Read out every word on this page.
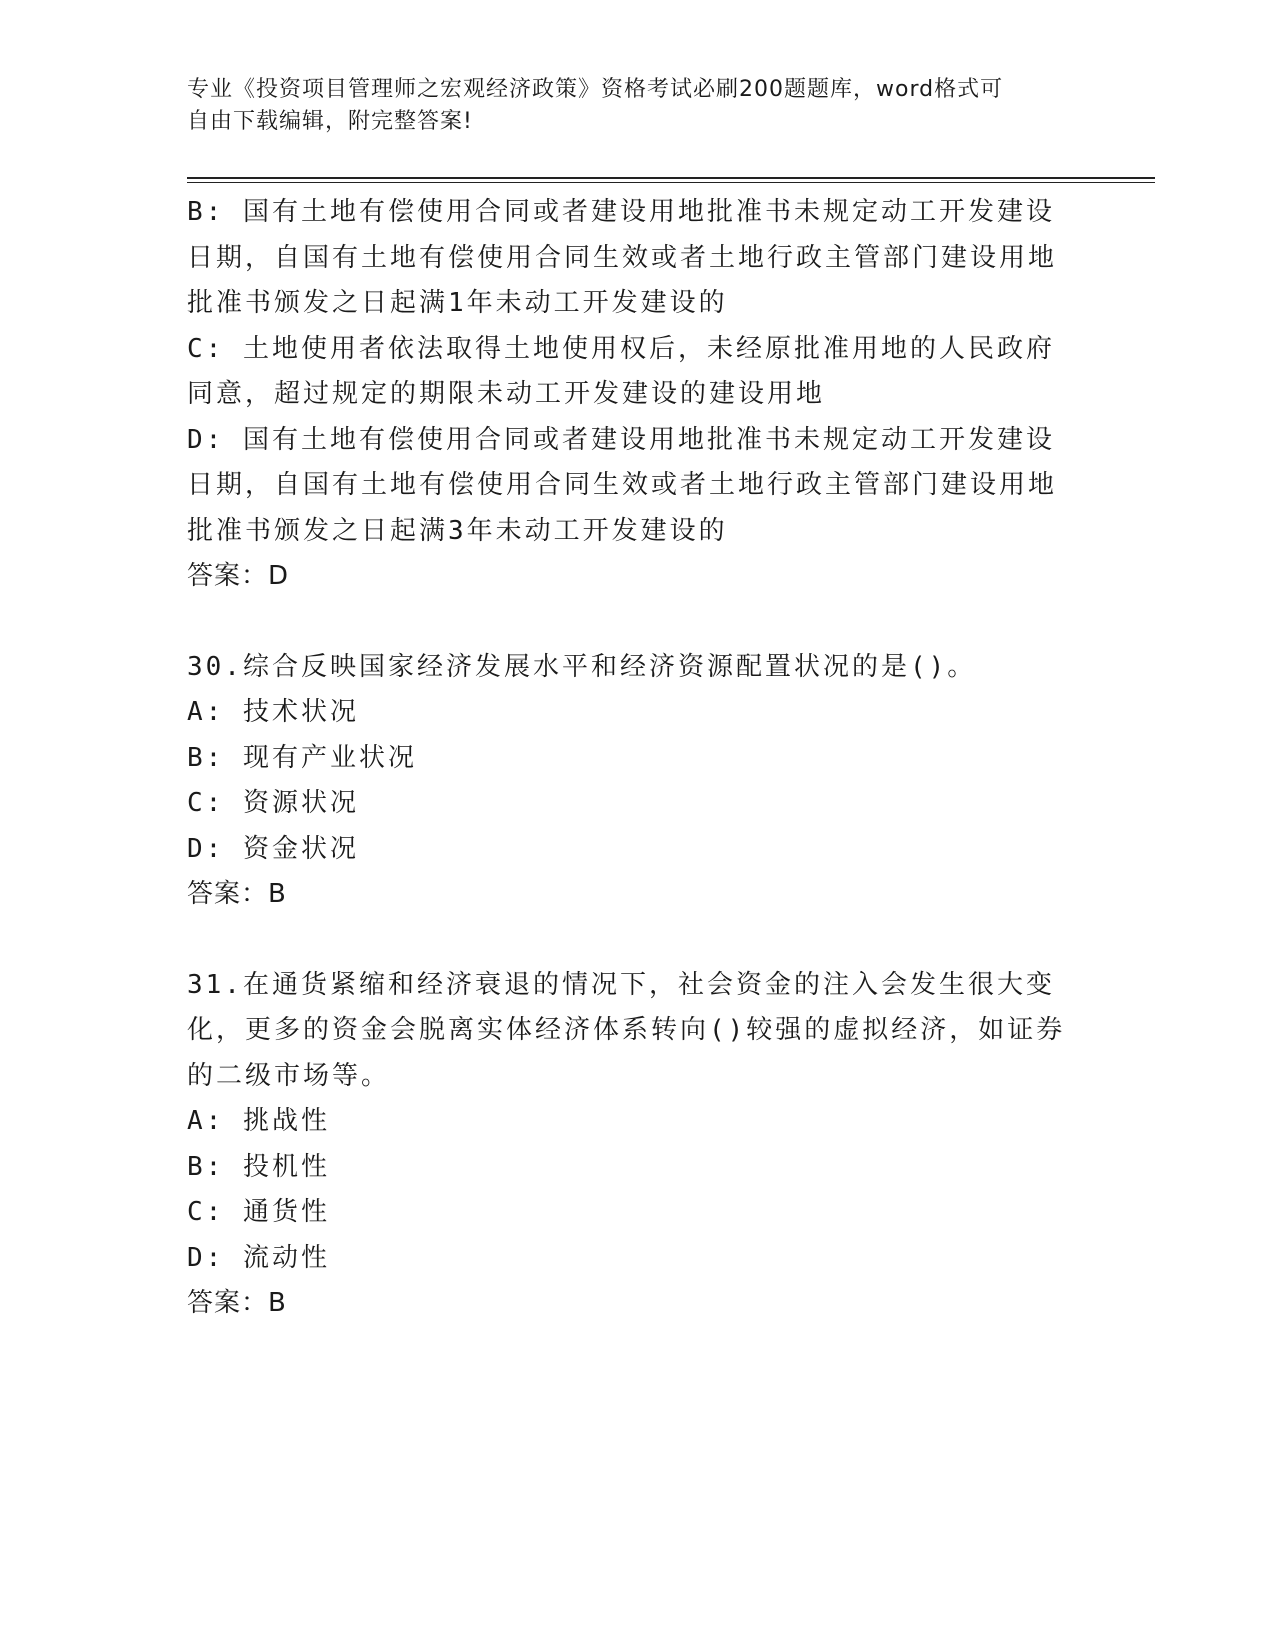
专业《投资项目管理师之宏观经济政策》资格考试必刷200题题库，word格式可
自由下载编辑，附完整答案!
B: 国有土地有偿使用合同或者建设用地批准书未规定动工开发建设日期，自国有土地有偿使用合同生效或者土地行政主管部门建设用地批准书颁发之日起满1年未动工开发建设的
C: 土地使用者依法取得土地使用权后，未经原批准用地的人民政府同意，超过规定的期限未动工开发建设的建设用地
D: 国有土地有偿使用合同或者建设用地批准书未规定动工开发建设日期，自国有土地有偿使用合同生效或者土地行政主管部门建设用地批准书颁发之日起满3年未动工开发建设的
答案：D
30.综合反映国家经济发展水平和经济资源配置状况的是()。
A: 技术状况
B: 现有产业状况
C: 资源状况
D: 资金状况
答案：B
31.在通货紧缩和经济衰退的情况下，社会资金的注入会发生很大变化，更多的资金会脱离实体经济体系转向()较强的虚拟经济，如证券的二级市场等。
A: 挑战性
B: 投机性
C: 通货性
D: 流动性
答案：B
